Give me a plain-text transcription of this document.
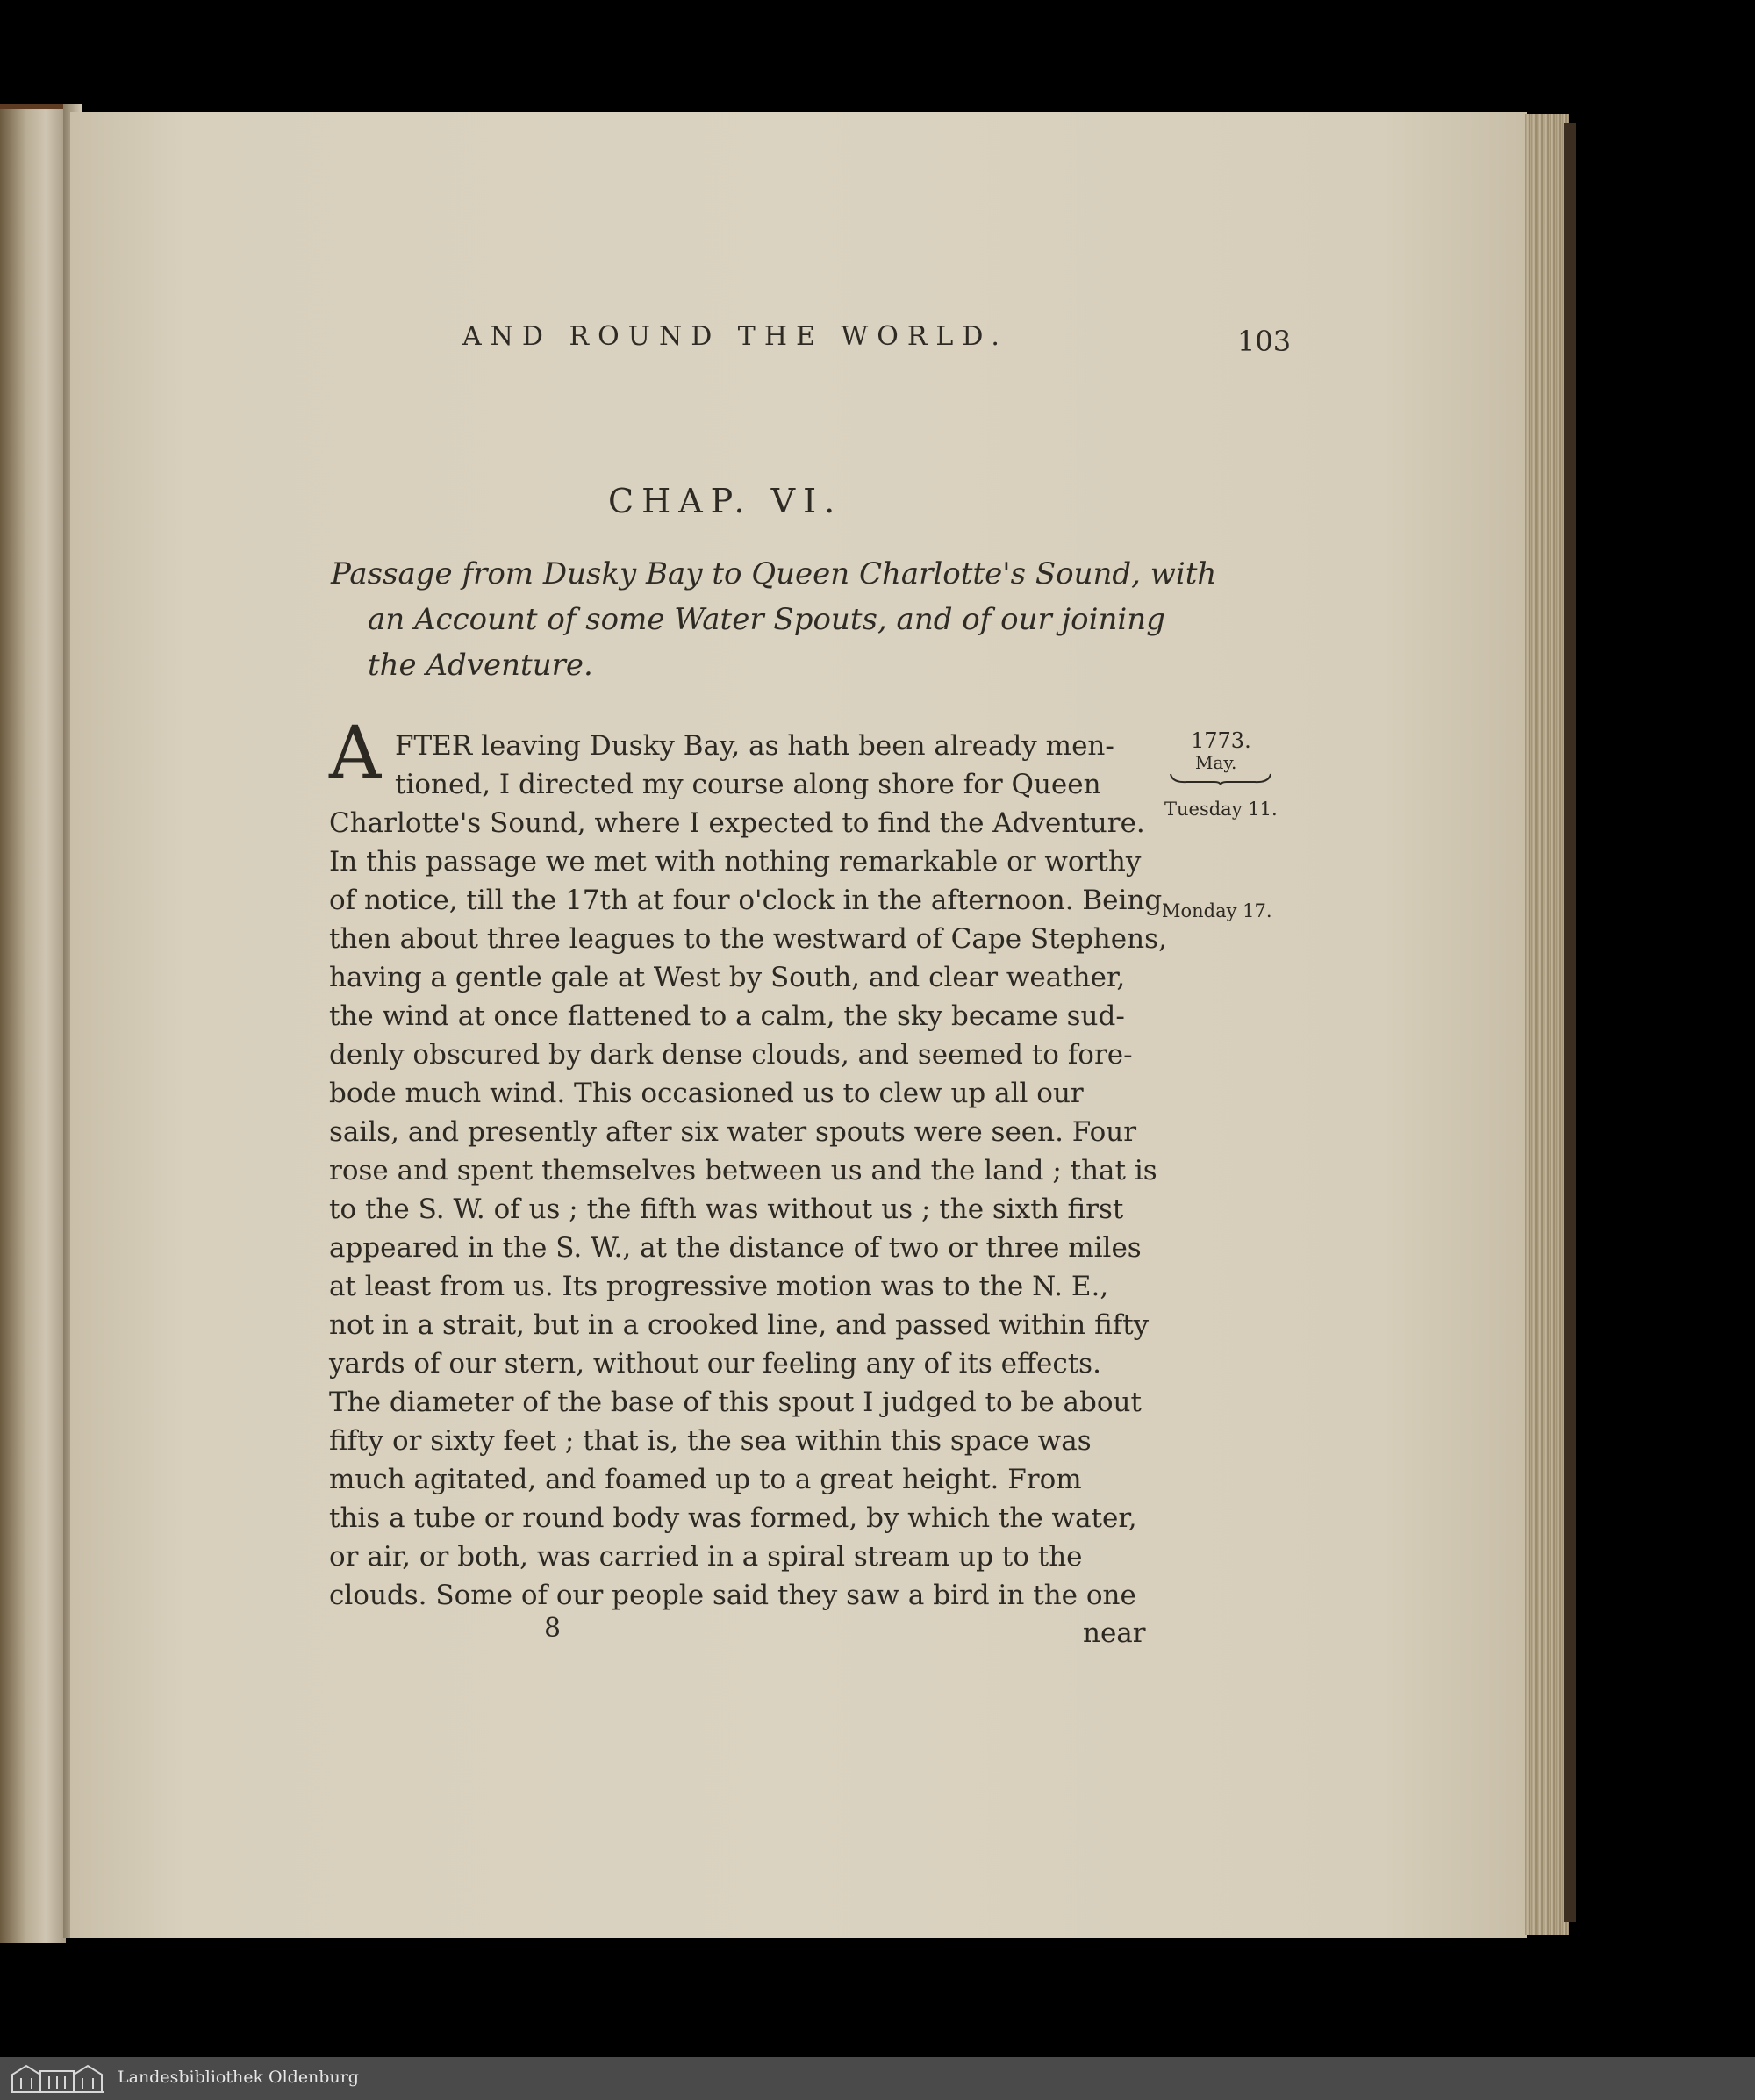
AND ROUND THE WORLD.	103
CHAP. VI.
Passage from Dusky Bay to Queen Charlotte's Sound, with
an Account of some Water Spouts, and of our joining
the Adventure.
A FTER leaving Dusky Bay, as hath been already men-
tioned, I directed my course along shore for Queen
Charlotte's Sound, where I expected to find the Adventure.
In this passage we met with nothing remarkable or worthy
of notice, till the 17th at four o'clock in the afternoon. Being
then about three leagues to the westward of Cape Stephens,
having a gentle gale at West by South, and clear weather,
the wind at once flattened to a calm, the sky became sud-
denly obscured by dark dense clouds, and seemed to fore-
bode much wind. This occasioned us to clew up all our
sails, and presently after six water spouts were seen. Four
rose and spent themselves between us and the land ; that is
to the S. W. of us ; the fifth was without us ; the sixth first
appeared in the S. W., at the distance of two or three miles
at least from us. Its progressive motion was to the N. E.,
not in a strait, but in a crooked line, and passed within fifty
yards of our stern, without our feeling any of its effects.
The diameter of the base of this spout I judged to be about
fifty or sixty feet ; that is, the sea within this space was
much agitated, and foamed up to a great height. From
this a tube or round body was formed, by which the water,
or air, or both, was carried in a spiral stream up to the
clouds. Some of our people said they saw a bird in the one
1773.
May.
Tuesday 11.
Monday 17.
8	near
Landesbibliothek Oldenburg
